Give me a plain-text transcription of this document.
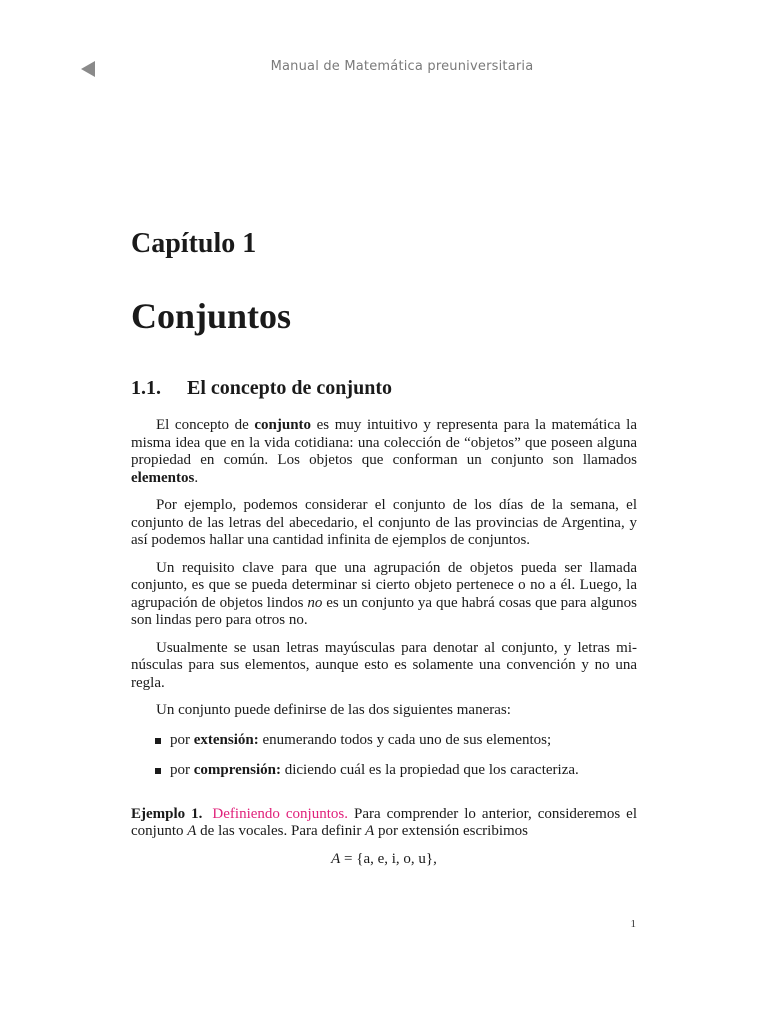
Manual de Matemática preuniversitaria
Capítulo 1
Conjuntos
1.1. El concepto de conjunto

El concepto de conjunto es muy intuitivo y representa para la matemática la misma idea que en la vida cotidiana: una colección de “objetos” que poseen alguna propiedad en común. Los objetos que conforman un conjunto son llamados elementos.

Por ejemplo, podemos considerar el conjunto de los días de la semana, el conjunto de las letras del abecedario, el conjunto de las provincias de Argentina, y así podemos hallar una cantidad infinita de ejemplos de conjuntos.

Un requisito clave para que una agrupación de objetos pueda ser llamada conjunto, es que se pueda determinar si cierto objeto pertenece o no a él. Luego, la agrupación de objetos lindos no es un conjunto ya que habrá cosas que para algunos son lindas pero para otros no.

Usualmente se usan letras mayúsculas para denotar al conjunto, y letras minúsculas para sus elementos, aunque esto es solamente una convención y no una regla.

Un conjunto puede definirse de las dos siguientes maneras:

por extensión: enumerando todos y cada uno de sus elementos;
por comprensión: diciendo cuál es la propiedad que los caracteriza.

Ejemplo 1. Definiendo conjuntos. Para comprender lo anterior, consideremos el conjunto A de las vocales. Para definir A por extensión escribimos

A = {a, e, i, o, u},
1
